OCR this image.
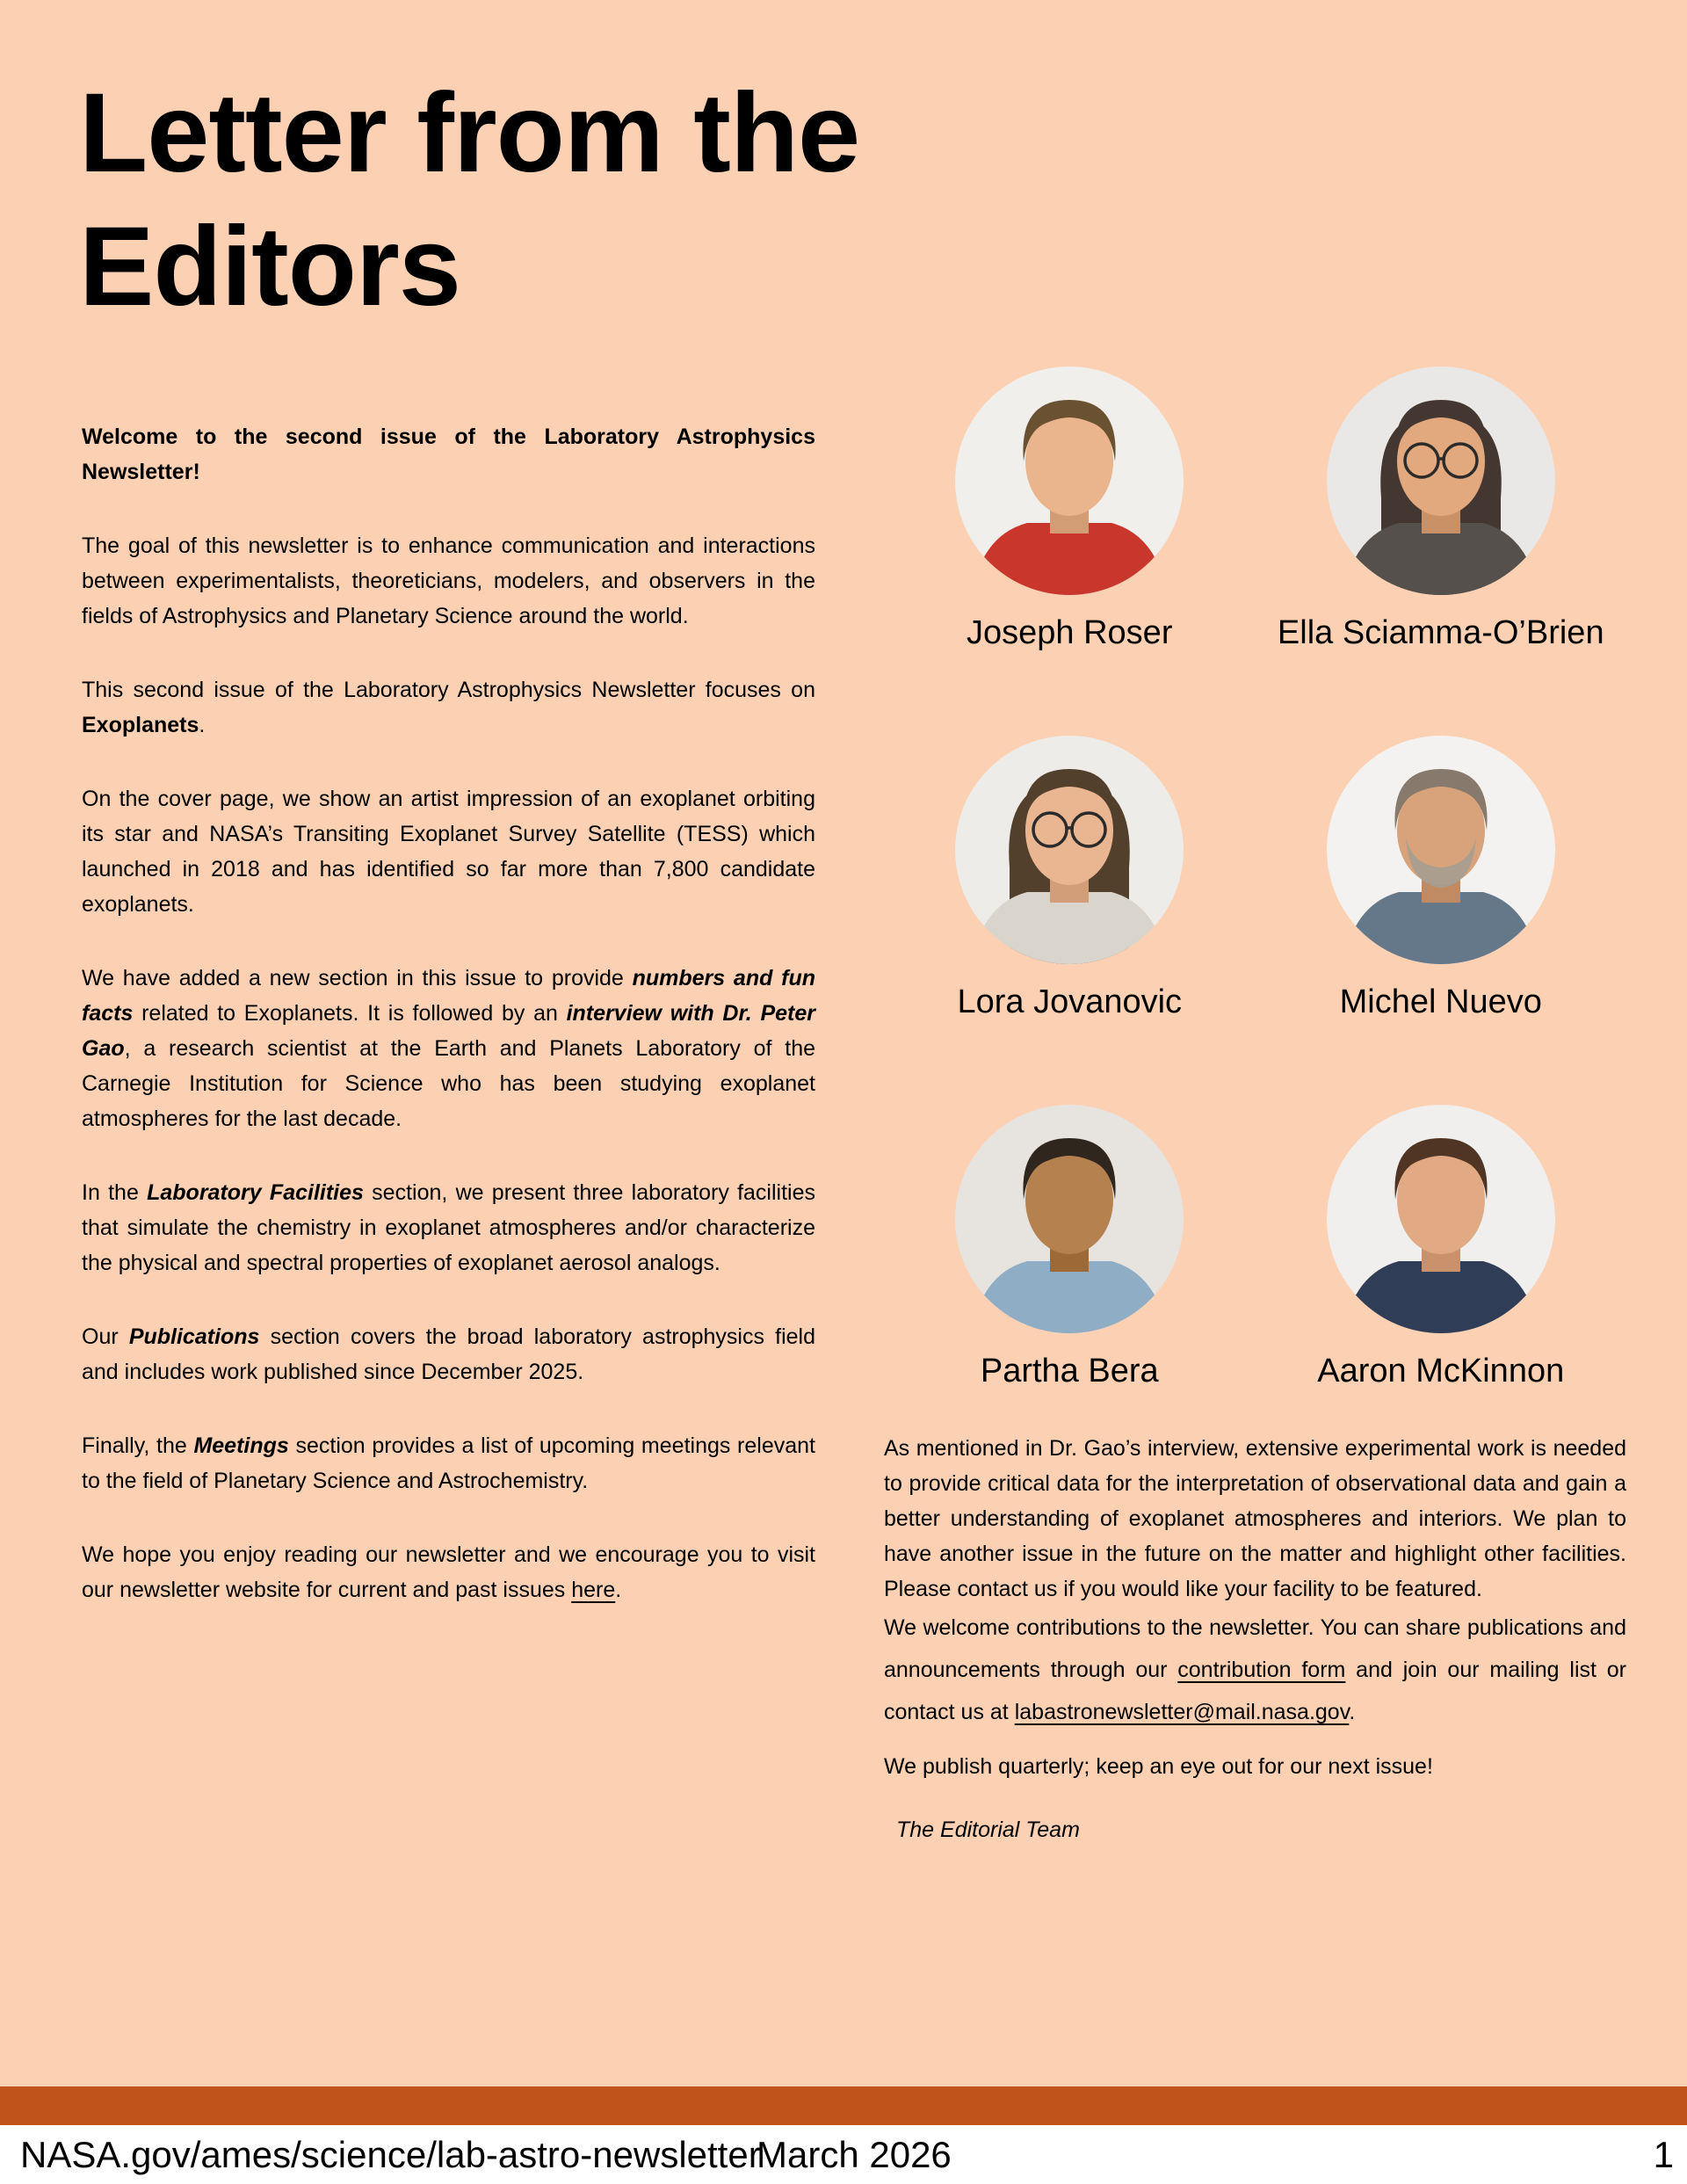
Letter from the
Editors

Welcome to the second issue of the Laboratory Astrophysics Newsletter!

The goal of this newsletter is to enhance communication and interactions between experimentalists, theoreticians, modelers, and observers in the fields of Astrophysics and Planetary Science around the world.

This second issue of the Laboratory Astrophysics Newsletter focuses on Exoplanets.

On the cover page, we show an artist impression of an exoplanet orbiting its star and NASA’s Transiting Exoplanet Survey Satellite (TESS) which launched in 2018 and has identified so far more than 7,800 candidate exoplanets.

We have added a new section in this issue to provide numbers and fun facts related to Exoplanets. It is followed by an interview with Dr. Peter Gao, a research scientist at the Earth and Planets Laboratory of the Carnegie Institution for Science who has been studying exoplanet atmospheres for the last decade.

In the Laboratory Facilities section, we present three laboratory facilities that simulate the chemistry in exoplanet atmospheres and/or characterize the physical and spectral properties of exoplanet aerosol analogs.

Our Publications section covers the broad laboratory astrophysics field and includes work published since December 2025.

Finally, the Meetings section provides a list of upcoming meetings relevant to the field of Planetary Science and Astrochemistry.

We hope you enjoy reading our newsletter and we encourage you to visit our newsletter website for current and past issues here.

Joseph Roser	Ella Sciamma-O’Brien
Lora Jovanovic	Michel Nuevo
Partha Bera	Aaron McKinnon

As mentioned in Dr. Gao’s interview, extensive experimental work is needed to provide critical data for the interpretation of observational data and gain a better understanding of exoplanet atmospheres and interiors. We plan to have another issue in the future on the matter and highlight other facilities. Please contact us if you would like your facility to be featured.

We welcome contributions to the newsletter. You can share publications and announcements through our contribution form and join our mailing list or contact us at labastronewsletter@mail.nasa.gov.

We publish quarterly; keep an eye out for our next issue!

The Editorial Team
NASA.gov/ames/science/lab-astro-newsletter
March 2026	1
